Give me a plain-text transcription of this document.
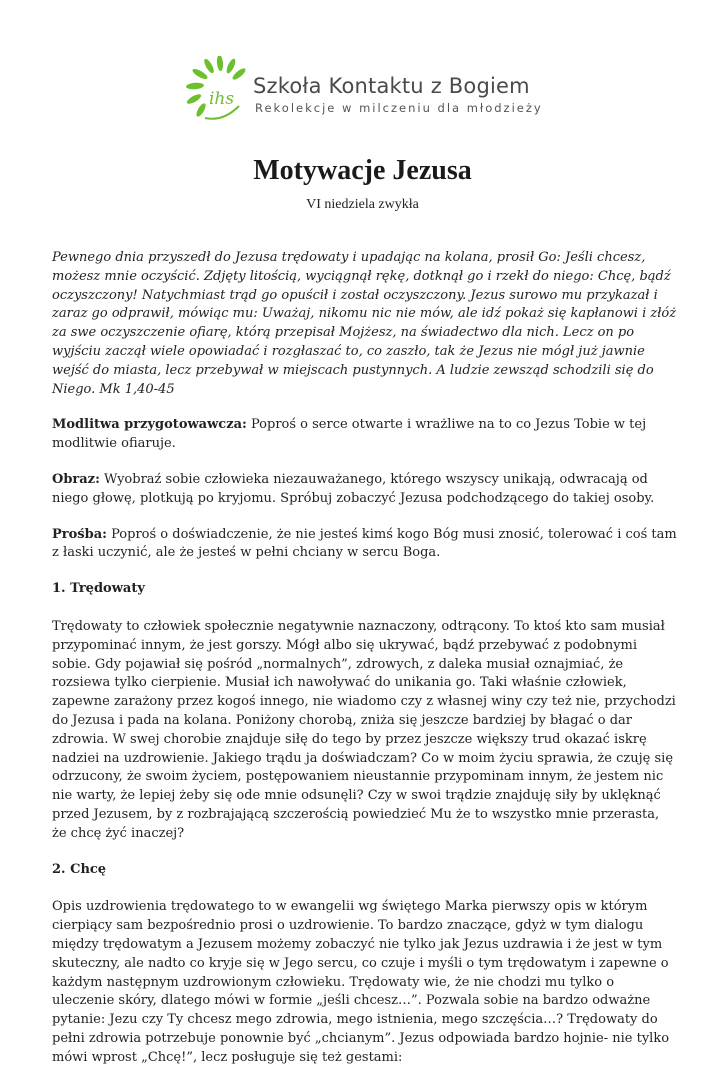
ihs
Szkoła Kontaktu z Bogiem
Rekolekcje w milczeniu dla młodzieży
Motywacje Jezusa

VI niedziela zwykła

Pewnego dnia przyszedł do Jezusa trędowaty i upadając na kolana, prosił Go: Jeśli chcesz, możesz mnie oczyścić. Zdjęty litością, wyciągnął rękę, dotknął go i rzekł do niego: Chcę, bądź oczyszczony! Natychmiast trąd go opuścił i został oczyszczony. Jezus surowo mu przykazał i zaraz go odprawił, mówiąc mu: Uważaj, nikomu nic nie mów, ale idź pokaż się kapłanowi i złóż za swe oczyszczenie ofiarę, którą przepisał Mojżesz, na świadectwo dla nich. Lecz on po wyjściu zaczął wiele opowiadać i rozgłaszać to, co zaszło, tak że Jezus nie mógł już jawnie wejść do miasta, lecz przebywał w miejscach pustynnych. A ludzie zewsząd schodzili się do Niego. Mk 1,40-45

Modlitwa przygotowawcza: Poproś o serce otwarte i wrażliwe na to co Jezus Tobie w tej modlitwie ofiaruje.

Obraz: Wyobraź sobie człowieka niezauważanego, którego wszyscy unikają, odwracają od niego głowę, plotkują po kryjomu. Spróbuj zobaczyć Jezusa podchodzącego do takiej osoby.

Prośba: Poproś o doświadczenie, że nie jesteś kimś kogo Bóg musi znosić, tolerować i coś tam z łaski uczynić, ale że jesteś w pełni chciany w sercu Boga.

1. Trędowaty

Trędowaty to człowiek społecznie negatywnie naznaczony, odtrącony. To ktoś kto sam musiał przypominać innym, że jest gorszy. Mógł albo się ukrywać, bądź przebywać z podobnymi sobie. Gdy pojawiał się pośród „normalnych”, zdrowych, z daleka musiał oznajmiać, że rozsiewa tylko cierpienie. Musiał ich nawoływać do unikania go. Taki właśnie człowiek, zapewne zarażony przez kogoś innego, nie wiadomo czy z własnej winy czy też nie, przychodzi do Jezusa i pada na kolana. Poniżony chorobą, zniża się jeszcze bardziej by błagać o dar zdrowia. W swej chorobie znajduje siłę do tego by przez jeszcze większy trud okazać iskrę nadziei na uzdrowienie. Jakiego trądu ja doświadczam? Co w moim życiu sprawia, że czuję się odrzucony, że swoim życiem, postępowaniem nieustannie przypominam innym, że jestem nic nie warty, że lepiej żeby się ode mnie odsunęli? Czy w swoi trądzie znajduję siły by uklęknąć przed Jezusem, by z rozbrajającą szczerością powiedzieć Mu że to wszystko mnie przerasta, że chcę żyć inaczej?

2. Chcę

Opis uzdrowienia trędowatego to w ewangelii wg świętego Marka pierwszy opis w którym cierpiący sam bezpośrednio prosi o uzdrowienie. To bardzo znaczące, gdyż w tym dialogu między trędowatym a Jezusem możemy zobaczyć nie tylko jak Jezus uzdrawia i że jest w tym skuteczny, ale nadto co kryje się w Jego sercu, co czuje i myśli o tym trędowatym i zapewne o każdym następnym uzdrowionym człowieku. Trędowaty wie, że nie chodzi mu tylko o uleczenie skóry, dlatego mówi w formie „jeśli chcesz…”. Pozwala sobie na bardzo odważne pytanie: Jezu czy Ty chcesz mego zdrowia, mego istnienia, mego szczęścia…? Trędowaty do pełni zdrowia potrzebuje ponownie być „chcianym”. Jezus odpowiada bardzo hojnie- nie tylko mówi wprost „Chcę!”, lecz posługuje się też gestami:
